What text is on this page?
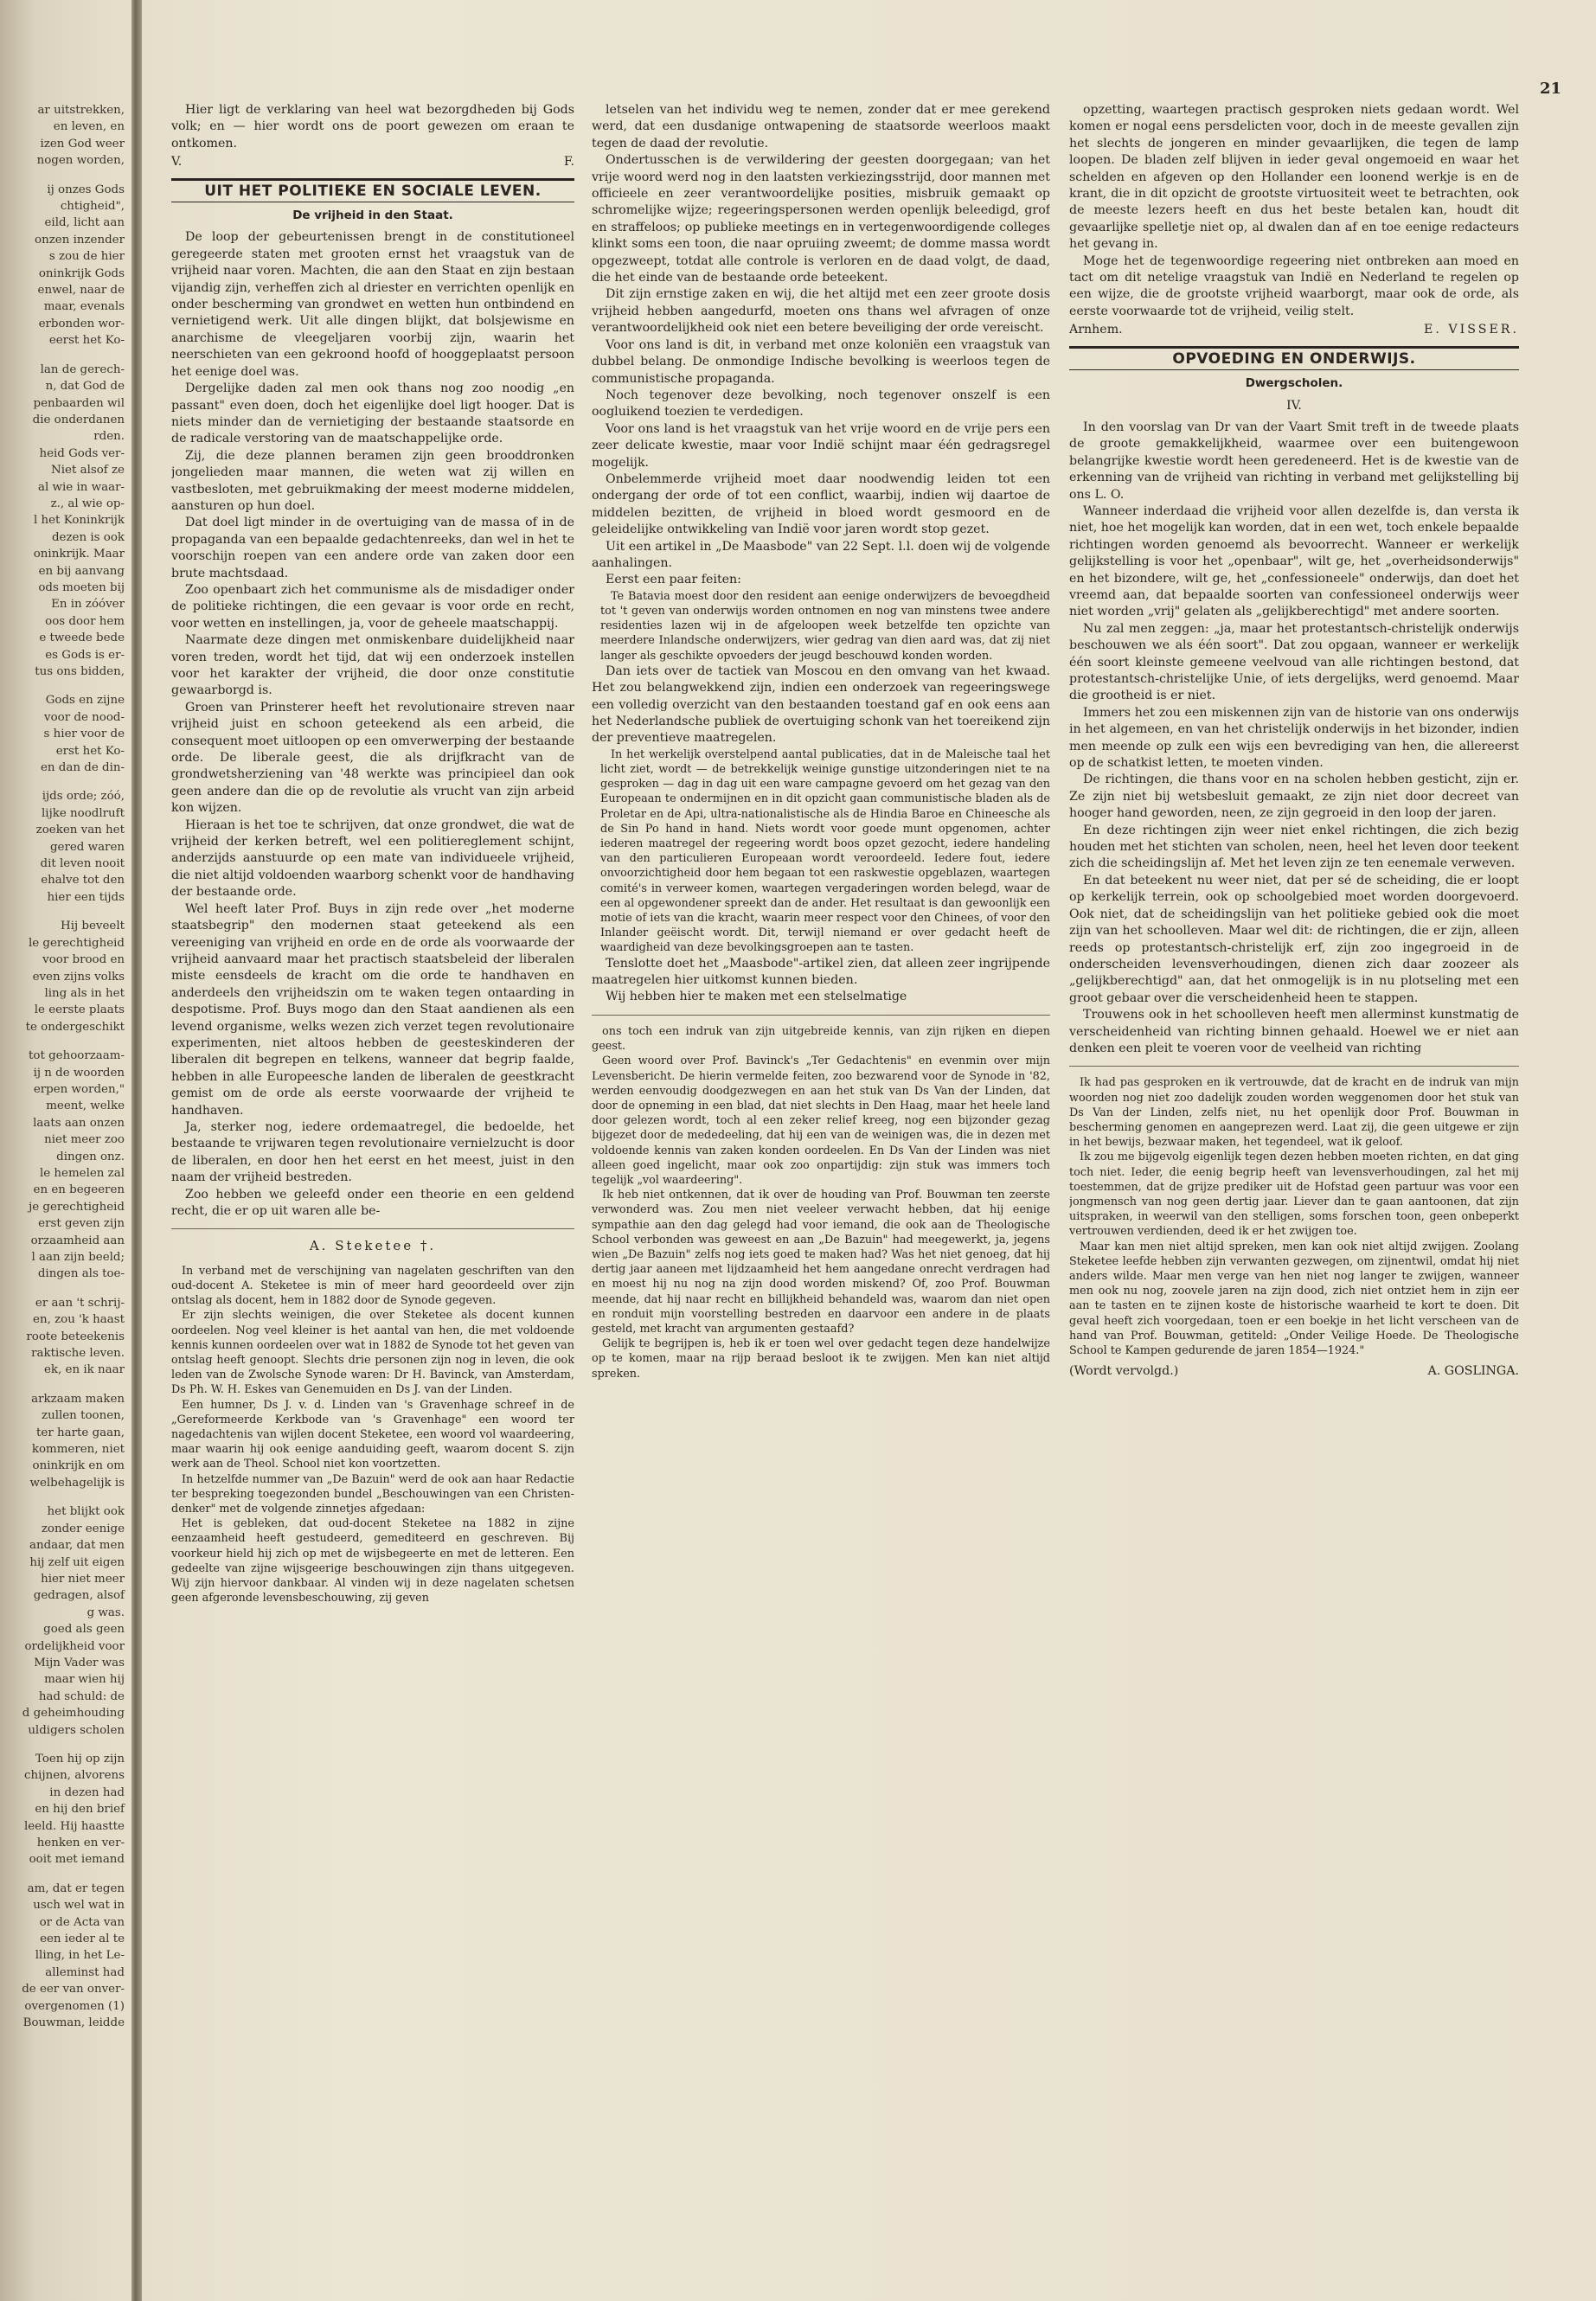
21
ar uitstrekken,
en leven, en
izen God weer
nogen worden,
ij onzes Gods
chtigheid",
eild, licht aan
onzen inzender
s zou de hier
oninkrijk Gods
enwel, naar de
maar, evenals
erbonden wor-
eerst het Ko-
lan de gerech-
n, dat God de
penbaarden wil
die onderdanen
rden.
heid Gods ver-
Niet alsof ze
al wie in waar-
z., al wie op-
l het Koninkrijk
dezen is ook
oninkrijk. Maar
en bij aanvang
ods moeten bij
En in zóóver
oos door hem
e tweede bede
es Gods is er-
tus ons bidden,
Gods en zijne
voor de nood-
s hier voor de
erst het Ko-
en dan de din-
ijds orde; zóó,
lijke noodlruft
zoeken van het
gered waren
dit leven nooit
ehalve tot den
hier een tijds
Hij beveelt
le gerechtigheid
voor brood en
even zijns volks
ling als in het
le eerste plaats
te ondergeschikt
tot gehoorzaam-
ij n de woorden
erpen worden,"
meent, welke
laats aan onzen
niet meer zoo
dingen onz.
le hemelen zal
en en begeeren
je gerechtigheid
erst geven zijn
orzaamheid aan
l aan zijn beeld;
dingen als toe-
er aan 't schrij-
en, zou 'k haast
roote beteekenis
raktische leven.
ek, en ik naar
arkzaam maken
zullen toonen,
ter harte gaan,
kommeren, niet
oninkrijk en om
welbehagelijk is
het blijkt ook
zonder eenige
andaar, dat men
hij zelf uit eigen
hier niet meer
gedragen, alsof
g was.
goed als geen
ordelijkheid voor
Mijn Vader was
maar wien hij
had schuld: de
d geheimhouding
uldigers scholen
Toen hij op zijn
chijnen, alvorens
in dezen had
en hij den brief
leeld. Hij haastte
henken en ver-
ooit met iemand
am, dat er tegen
usch wel wat in
or de Acta van
een ieder al te
lling, in het Le-
alleminst had
de eer van onver-
overgenomen (1)
Bouwman, leidde

Hier ligt de verklaring van heel wat bezorgdheden bij Gods volk; en — hier wordt ons de poort gewezen om eraan te ontkomen.

V.	F.
UIT HET POLITIEKE EN SOCIALE LEVEN.
De vrijheid in den Staat.

De loop der gebeurtenissen brengt in de constitutioneel geregeerde staten met grooten ernst het vraagstuk van de vrijheid naar voren. Machten, die aan den Staat en zijn bestaan vijandig zijn, verheffen zich al driester en verrichten openlijk en onder bescherming van grondwet en wetten hun ontbindend en vernietigend werk. Uit alle dingen blijkt, dat bolsjewisme en anarchisme de vleegeljaren voorbij zijn, waarin het neerschieten van een gekroond hoofd of hooggeplaatst persoon het eenige doel was.

Dergelijke daden zal men ook thans nog zoo noodig „en passant" even doen, doch het eigenlijke doel ligt hooger. Dat is niets minder dan de vernietiging der bestaande staatsorde en de radicale verstoring van de maatschappelijke orde.

Zij, die deze plannen beramen zijn geen brooddronken jongelieden maar mannen, die weten wat zij willen en vastbesloten, met gebruikmaking der meest moderne middelen, aansturen op hun doel.

Dat doel ligt minder in de overtuiging van de massa of in de propaganda van een bepaalde gedachtenreeks, dan wel in het te voorschijn roepen van een andere orde van zaken door een brute machtsdaad.

Zoo openbaart zich het communisme als de misdadiger onder de politieke richtingen, die een gevaar is voor orde en recht, voor wetten en instellingen, ja, voor de geheele maatschappij.

Naarmate deze dingen met onmiskenbare duidelijkheid naar voren treden, wordt het tijd, dat wij een onderzoek instellen voor het karakter der vrijheid, die door onze constitutie gewaarborgd is.

Groen van Prinsterer heeft het revolutionaire streven naar vrijheid juist en schoon geteekend als een arbeid, die consequent moet uitloopen op een omverwerping der bestaande orde. De liberale geest, die als drijfkracht van de grondwetsherziening van '48 werkte was principieel dan ook geen andere dan die op de revolutie als vrucht van zijn arbeid kon wijzen.

Hieraan is het toe te schrijven, dat onze grondwet, die wat de vrijheid der kerken betreft, wel een politiereglement schijnt, anderzijds aanstuurde op een mate van individueele vrijheid, die niet altijd voldoenden waarborg schenkt voor de handhaving der bestaande orde.

Wel heeft later Prof. Buys in zijn rede over „het moderne staatsbegrip" den modernen staat geteekend als een vereeniging van vrijheid en orde en de orde als voorwaarde der vrijheid aanvaard maar het practisch staatsbeleid der liberalen miste eensdeels de kracht om die orde te handhaven en anderdeels den vrijheidszin om te waken tegen ontaarding in despotisme. Prof. Buys mogo dan den Staat aandienen als een levend organisme, welks wezen zich verzet tegen revolutionaire experimenten, niet altoos hebben de geesteskinderen der liberalen dit begrepen en telkens, wanneer dat begrip faalde, hebben in alle Europeesche landen de liberalen de geestkracht gemist om de orde als eerste voorwaarde der vrijheid te handhaven.

Ja, sterker nog, iedere ordemaatregel, die bedoelde, het bestaande te vrijwaren tegen revolutionaire vernielzucht is door de liberalen, en door hen het eerst en het meest, juist in den naam der vrijheid bestreden.

Zoo hebben we geleefd onder een theorie en een geldend recht, die er op uit waren alle be-

A. Steketee †.

In verband met de verschijning van nagelaten geschriften van den oud-docent A. Steketee is min of meer hard geoordeeld over zijn ontslag als docent, hem in 1882 door de Synode gegeven.

Er zijn slechts weinigen, die over Steketee als docent kunnen oordeelen. Nog veel kleiner is het aantal van hen, die met voldoende kennis kunnen oordeelen over wat in 1882 de Synode tot het geven van ontslag heeft genoopt. Slechts drie personen zijn nog in leven, die ook leden van de Zwolsche Synode waren: Dr H. Bavinck, van Amsterdam, Ds Ph. W. H. Eskes van Genemuiden en Ds J. van der Linden.

Een humner, Ds J. v. d. Linden van 's Gravenhage schreef in de „Gereformeerde Kerkbode van 's Gravenhage" een woord ter nagedachtenis van wijlen docent Steketee, een woord vol waardeering, maar waarin hij ook eenige aanduiding geeft, waarom docent S. zijn werk aan de Theol. School niet kon voortzetten.

In hetzelfde nummer van „De Bazuin" werd de ook aan haar Redactie ter bespreking toegezonden bundel „Beschouwingen van een Christen-denker" met de volgende zinnetjes afgedaan:

Het is gebleken, dat oud-docent Steketee na 1882 in zijne eenzaamheid heeft gestudeerd, gemediteerd en geschreven. Bij voorkeur hield hij zich op met de wijsbegeerte en met de letteren. Een gedeelte van zijne wijsgeerige beschouwingen zijn thans uitgegeven. Wij zijn hiervoor dankbaar. Al vinden wij in deze nagelaten schetsen geen afgeronde levensbeschouwing, zij geven

letselen van het individu weg te nemen, zonder dat er mee gerekend werd, dat een dusdanige ontwapening de staatsorde weerloos maakt tegen de daad der revolutie.

Ondertusschen is de verwildering der geesten doorgegaan; van het vrije woord werd nog in den laatsten verkiezingsstrijd, door mannen met officieele en zeer verantwoordelijke posities, misbruik gemaakt op schromelijke wijze; regeeringspersonen werden openlijk beleedigd, grof en straffeloos; op publieke meetings en in vertegenwoordigende colleges klinkt soms een toon, die naar opruiing zweemt; de domme massa wordt opgezweept, totdat alle controle is verloren en de daad volgt, de daad, die het einde van de bestaande orde beteekent.

Dit zijn ernstige zaken en wij, die het altijd met een zeer groote dosis vrijheid hebben aangedurfd, moeten ons thans wel afvragen of onze verantwoordelijkheid ook niet een betere beveiliging der orde vereischt.

Voor ons land is dit, in verband met onze koloniën een vraagstuk van dubbel belang. De onmondige Indische bevolking is weerloos tegen de communistische propaganda.

Noch tegenover deze bevolking, noch tegenover onszelf is een oogluikend toezien te verdedigen.

Voor ons land is het vraagstuk van het vrije woord en de vrije pers een zeer delicate kwestie, maar voor Indië schijnt maar één gedragsregel mogelijk.

Onbelemmerde vrijheid moet daar noodwendig leiden tot een ondergang der orde of tot een conflict, waarbij, indien wij daartoe de middelen bezitten, de vrijheid in bloed wordt gesmoord en de geleidelijke ontwikkeling van Indië voor jaren wordt stop gezet.

Uit een artikel in „De Maasbode" van 22 Sept. l.l. doen wij de volgende aanhalingen.

Eerst een paar feiten:

Te Batavia moest door den resident aan eenige onderwijzers de bevoegdheid tot 't geven van onderwijs worden ontnomen en nog van minstens twee andere residenties lazen wij in de afgeloopen week betzelfde ten opzichte van meerdere Inlandsche onderwijzers, wier gedrag van dien aard was, dat zij niet langer als geschikte opvoeders der jeugd beschouwd konden worden.

Dan iets over de tactiek van Moscou en den omvang van het kwaad. Het zou belangwekkend zijn, indien een onderzoek van regeeringswege een volledig overzicht van den bestaanden toestand gaf en ook eens aan het Nederlandsche publiek de overtuiging schonk van het toereikend zijn der preventieve maatregelen.

In het werkelijk overstelpend aantal publicaties, dat in de Maleische taal het licht ziet, wordt — de betrekkelijk weinige gunstige uitzonderingen niet te na gesproken — dag in dag uit een ware campagne gevoerd om het gezag van den Europeaan te ondermijnen en in dit opzicht gaan communistische bladen als de Proletar en de Api, ultra-nationalistische als de Hindia Baroe en Chineesche als de Sin Po hand in hand. Niets wordt voor goede munt opgenomen, achter iederen maatregel der regeering wordt boos opzet gezocht, iedere handeling van den particulieren Europeaan wordt veroordeeld. Iedere fout, iedere onvoorzichtigheid door hem begaan tot een raskwestie opgeblazen, waartegen comité's in verweer komen, waartegen vergaderingen worden belegd, waar de een al opgewondener spreekt dan de ander. Het resultaat is dan gewoonlijk een motie of iets van die kracht, waarin meer respect voor den Chinees, of voor den Inlander geëischt wordt. Dit, terwijl niemand er over gedacht heeft de waardigheid van deze bevolkingsgroepen aan te tasten.

Tenslotte doet het „Maasbode"-artikel zien, dat alleen zeer ingrijpende maatregelen hier uitkomst kunnen bieden.

Wij hebben hier te maken met een stelselmatige

ons toch een indruk van zijn uitgebreide kennis, van zijn rijken en diepen geest.

Geen woord over Prof. Bavinck's „Ter Gedachtenis" en evenmin over mijn Levensbericht. De hierin vermelde feiten, zoo bezwarend voor de Synode in '82, werden eenvoudig doodgezwegen en aan het stuk van Ds Van der Linden, dat door de opneming in een blad, dat niet slechts in Den Haag, maar het heele land door gelezen wordt, toch al een zeker relief kreeg, nog een bijzonder gezag bijgezet door de mededeeling, dat hij een van de weinigen was, die in dezen met voldoende kennis van zaken konden oordeelen. En Ds Van der Linden was niet alleen goed ingelicht, maar ook zoo onpartijdig: zijn stuk was immers toch tegelijk „vol waardeering".

Ik heb niet ontkennen, dat ik over de houding van Prof. Bouwman ten zeerste verwonderd was. Zou men niet veeleer verwacht hebben, dat hij eenige sympathie aan den dag gelegd had voor iemand, die ook aan de Theologische School verbonden was geweest en aan „De Bazuin" had meegewerkt, ja, jegens wien „De Bazuin" zelfs nog iets goed te maken had? Was het niet genoeg, dat hij dertig jaar aaneen met lijdzaamheid het hem aangedane onrecht verdragen had en moest hij nu nog na zijn dood worden miskend? Of, zoo Prof. Bouwman meende, dat hij naar recht en billijkheid behandeld was, waarom dan niet open en ronduit mijn voorstelling bestreden en daarvoor een andere in de plaats gesteld, met kracht van argumenten gestaafd?

Gelijk te begrijpen is, heb ik er toen wel over gedacht tegen deze handelwijze op te komen, maar na rijp beraad besloot ik te zwijgen. Men kan niet altijd spreken.

opzetting, waartegen practisch gesproken niets gedaan wordt. Wel komen er nogal eens persdelicten voor, doch in de meeste gevallen zijn het slechts de jongeren en minder gevaarlijken, die tegen de lamp loopen. De bladen zelf blijven in ieder geval ongemoeid en waar het schelden en afgeven op den Hollander een loonend werkje is en de krant, die in dit opzicht de grootste virtuositeit weet te betrachten, ook de meeste lezers heeft en dus het beste betalen kan, houdt dit gevaarlijke spelletje niet op, al dwalen dan af en toe eenige redacteurs het gevang in.

Moge het de tegenwoordige regeering niet ontbreken aan moed en tact om dit netelige vraagstuk van Indië en Nederland te regelen op een wijze, die de grootste vrijheid waarborgt, maar ook de orde, als eerste voorwaarde tot de vrijheid, veilig stelt.

Arnhem.	E. VISSER.
OPVOEDING EN ONDERWIJS.
Dwergscholen.
IV.

In den voorslag van Dr van der Vaart Smit treft in de tweede plaats de groote gemakkelijkheid, waarmee over een buitengewoon belangrijke kwestie wordt heen geredeneerd. Het is de kwestie van de erkenning van de vrijheid van richting in verband met gelijkstelling bij ons L. O.

Wanneer inderdaad die vrijheid voor allen dezelfde is, dan versta ik niet, hoe het mogelijk kan worden, dat in een wet, toch enkele bepaalde richtingen worden genoemd als bevoorrecht. Wanneer er werkelijk gelijkstelling is voor het „openbaar", wilt ge, het „overheidsonderwijs" en het bizondere, wilt ge, het „confessioneele" onderwijs, dan doet het vreemd aan, dat bepaalde soorten van confessioneel onderwijs weer niet worden „vrij" gelaten als „gelijkberechtigd" met andere soorten.

Nu zal men zeggen: „ja, maar het protestantsch-christelijk onderwijs beschouwen we als één soort". Dat zou opgaan, wanneer er werkelijk één soort kleinste gemeene veelvoud van alle richtingen bestond, dat protestantsch-christelijke Unie, of iets dergelijks, werd genoemd. Maar die grootheid is er niet.

Immers het zou een miskennen zijn van de historie van ons onderwijs in het algemeen, en van het christelijk onderwijs in het bizonder, indien men meende op zulk een wijs een bevrediging van hen, die allereerst op de schatkist letten, te moeten vinden.

De richtingen, die thans voor en na scholen hebben gesticht, zijn er. Ze zijn niet bij wetsbesluit gemaakt, ze zijn niet door decreet van hooger hand geworden, neen, ze zijn gegroeid in den loop der jaren.

En deze richtingen zijn weer niet enkel richtingen, die zich bezig houden met het stichten van scholen, neen, heel het leven door teekent zich die scheidingslijn af. Met het leven zijn ze ten eenemale verweven.

En dat beteekent nu weer niet, dat per sé de scheiding, die er loopt op kerkelijk terrein, ook op schoolgebied moet worden doorgevoerd. Ook niet, dat de scheidingslijn van het politieke gebied ook die moet zijn van het schoolleven. Maar wel dit: de richtingen, die er zijn, alleen reeds op protestantsch-christelijk erf, zijn zoo ingegroeid in de onderscheiden levensverhoudingen, dienen zich daar zoozeer als „gelijkberechtigd" aan, dat het onmogelijk is in nu plotseling met een groot gebaar over die verscheidenheid heen te stappen.

Trouwens ook in het schoolleven heeft men allerminst kunstmatig de verscheidenheid van richting binnen gehaald. Hoewel we er niet aan denken een pleit te voeren voor de veelheid van richting

Ik had pas gesproken en ik vertrouwde, dat de kracht en de indruk van mijn woorden nog niet zoo dadelijk zouden worden weggenomen door het stuk van Ds Van der Linden, zelfs niet, nu het openlijk door Prof. Bouwman in bescherming genomen en aangeprezen werd. Laat zij, die geen uitgewe er zijn in het bewijs, bezwaar maken, het tegendeel, wat ik geloof.

Ik zou me bijgevolg eigenlijk tegen dezen hebben moeten richten, en dat ging toch niet. Ieder, die eenig begrip heeft van levensverhoudingen, zal het mij toestemmen, dat de grijze prediker uit de Hofstad geen partuur was voor een jongmensch van nog geen dertig jaar. Liever dan te gaan aantoonen, dat zijn uitspraken, in weerwil van den stelligen, soms forschen toon, geen onbeperkt vertrouwen verdienden, deed ik er het zwijgen toe.

Maar kan men niet altijd spreken, men kan ook niet altijd zwijgen. Zoolang Steketee leefde hebben zijn verwanten gezwegen, om zijnentwil, omdat hij niet anders wilde. Maar men verge van hen niet nog langer te zwijgen, wanneer men ook nu nog, zoovele jaren na zijn dood, zich niet ontziet hem in zijn eer aan te tasten en te zijnen koste de historische waarheid te kort te doen. Dit geval heeft zich voorgedaan, toen er een boekje in het licht verscheen van de hand van Prof. Bouwman, getiteld: „Onder Veilige Hoede. De Theologische School te Kampen gedurende de jaren 1854—1924."

(Wordt vervolgd.)	A. GOSLINGA.
